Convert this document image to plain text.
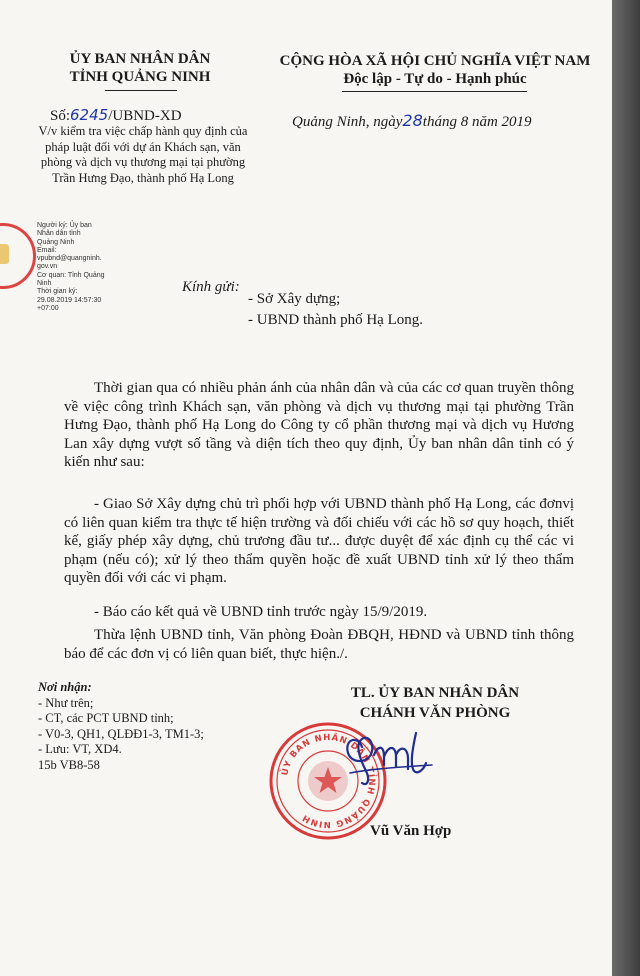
ỦY BAN NHÂN DÂN
TỈNH QUẢNG NINH
CỘNG HÒA XÃ HỘI CHỦ NGHĨA VIỆT NAM
Độc lập - Tự do - Hạnh phúc
Số:6245/UBND-XD
V/v kiểm tra việc chấp hành quy định của pháp luật đối với dự án Khách sạn, văn phòng và dịch vụ thương mại tại phường Trần Hưng Đạo, thành phố Hạ Long
Quảng Ninh, ngày28tháng 8 năm 2019
Người ký: Ủy ban
Nhân dân tỉnh
Quảng Ninh
Email:
vpubnd@quangninh.
gov.vn
Cơ quan: Tỉnh Quảng
Ninh
Thời gian ký:
29.08.2019 14:57:30
+07:00
Kính gửi:
- Sở Xây dựng;
- UBND thành phố Hạ Long.
Thời gian qua có nhiều phản ánh của nhân dân và của các cơ quan truyền thông về việc công trình Khách sạn, văn phòng và dịch vụ thương mại tại phường Trần Hưng Đạo, thành phố Hạ Long do Công ty cổ phần thương mại và dịch vụ Hương Lan xây dựng vượt số tầng và diện tích theo quy định, Ủy ban nhân dân tỉnh có ý kiến như sau:
- Giao Sở Xây dựng chủ trì phối hợp với UBND thành phố Hạ Long, các đơnvị có liên quan kiểm tra thực tế hiện trường và đối chiếu với các hồ sơ quy hoạch, thiết kế, giấy phép xây dựng, chủ trương đầu tư... được duyệt để xác định cụ thể các vi phạm (nếu có); xử lý theo thẩm quyền hoặc đề xuất UBND tỉnh xử lý theo thẩm quyền đối với các vi phạm.
- Báo cáo kết quả về UBND tỉnh trước ngày 15/9/2019.
Thừa lệnh UBND tỉnh, Văn phòng Đoàn ĐBQH, HĐND và UBND tỉnh thông báo để các đơn vị có liên quan biết, thực hiện./.
Nơi nhận:
- Như trên;
- CT, các PCT UBND tỉnh;
- V0-3, QH1, QLĐĐ1-3, TM1-3;
- Lưu: VT, XD4.
15b VB8-58
TL. ỦY BAN NHÂN DÂN
CHÁNH VĂN PHÒNG
ỦY BAN NHÂN DÂN TỈNH QUẢNG NINH
Vũ Văn Hợp
